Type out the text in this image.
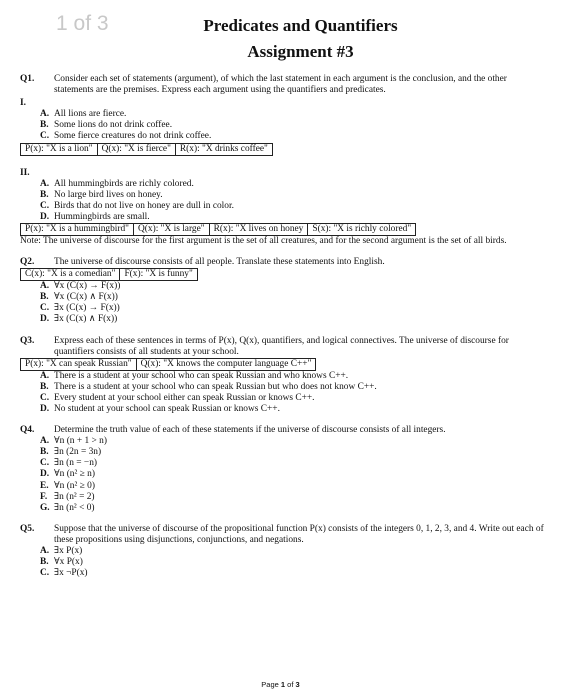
1 of 3	Predicates and Quantifiers
Assignment #3
Q1.	Consider each set of statements (argument), of which the last statement in each argument is the conclusion, and the other statements are the premises. Express each argument using the quantifiers and predicates.
I.
A. All lions are fierce.
B. Some lions do not drink coffee.
C. Some fierce creatures do not drink coffee.
P(x): "X is a lion" Q(x): "X is fierce" R(x): "X drinks coffee"
II.
A. All hummingbirds are richly colored.
B. No large bird lives on honey.
C. Birds that do not live on honey are dull in color.
D. Hummingbirds are small.
P(x): "X is a hummingbird" Q(x): "X is large" R(x): "X lives on honey S(x): "X is richly colored"
Note: The universe of discourse for the first argument is the set of all creatures, and for the second argument is the set of all birds.
Q2.	The universe of discourse consists of all people. Translate these statements into English.
C(x): "X is a comedian" F(x): "X is funny"
A. ∀x (C(x) → F(x))
B. ∀x (C(x) ∧ F(x))
C. ∃x (C(x) → F(x))
D. ∃x (C(x) ∧ F(x))
Q3.	Express each of these sentences in terms of P(x), Q(x), quantifiers, and logical connectives. The universe of discourse for quantifiers consists of all students at your school.
P(x): "X can speak Russian" Q(x): "X knows the computer language C++"
A. There is a student at your school who can speak Russian and who knows C++.
B. There is a student at your school who can speak Russian but who does not know C++.
C. Every student at your school either can speak Russian or knows C++.
D. No student at your school can speak Russian or knows C++.
Q4.	Determine the truth value of each of these statements if the universe of discourse consists of all integers.
A. ∀n (n + 1 > n)
B. ∃n (2n = 3n)
C. ∃n (n = −n)
D. ∀n (n² ≥ n)
E. ∀n (n² ≥ 0)
F. ∃n (n² = 2)
G. ∃n (n² < 0)
Q5.	Suppose that the universe of discourse of the propositional function P(x) consists of the integers 0, 1, 2, 3, and 4. Write out each of these propositions using disjunctions, conjunctions, and negations.
A. ∃x P(x)
B. ∀x P(x)
C. ∃x ¬P(x)
Page 1 of 3
